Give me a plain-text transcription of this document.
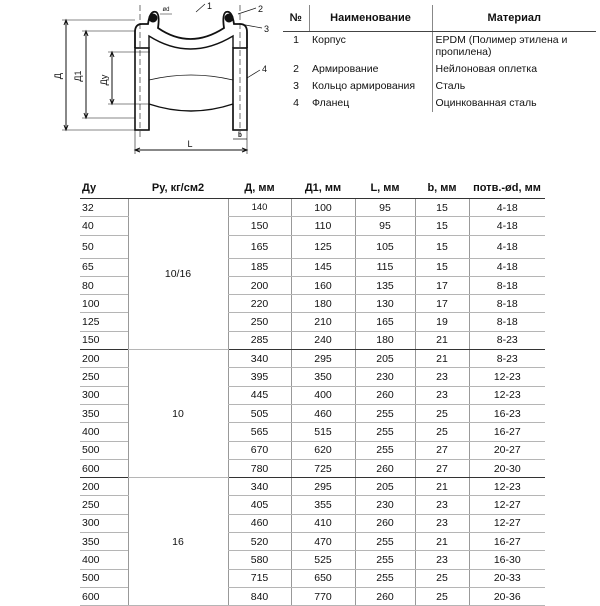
Д Д1 Ду
L
b
ød	1	2
3
4
№	Наименование	Материал
1	Корпус	EPDM (Полимер этилена и пропилена)
2	Армирование	Нейлоновая оплетка
3	Кольцо армирования	Сталь
4	Фланец	Оцинкованная сталь
Ду	Ру, кг/см2	Д, мм	Д1, мм	L, мм	b, мм	потв.-ød, мм
32	10/16	140	100	95	15	4-18
40		150	110	95	15	4-18
50		165	125	105	15	4-18
65		185	145	115	15	4-18
80		200	160	135	17	8-18
100		220	180	130	17	8-18
125		250	210	165	19	8-18
150		285	240	180	21	8-23
200	10	340	295	205	21	8-23
250		395	350	230	23	12-23
300		445	400	260	23	12-23
350		505	460	255	25	16-23
400		565	515	255	25	16-27
500		670	620	255	27	20-27
600		780	725	260	27	20-30
200	16	340	295	205	21	12-23
250		405	355	230	23	12-27
300		460	410	260	23	12-27
350		520	470	255	21	16-27
400		580	525	255	23	16-30
500		715	650	255	25	20-33
600		840	770	260	25	20-36
